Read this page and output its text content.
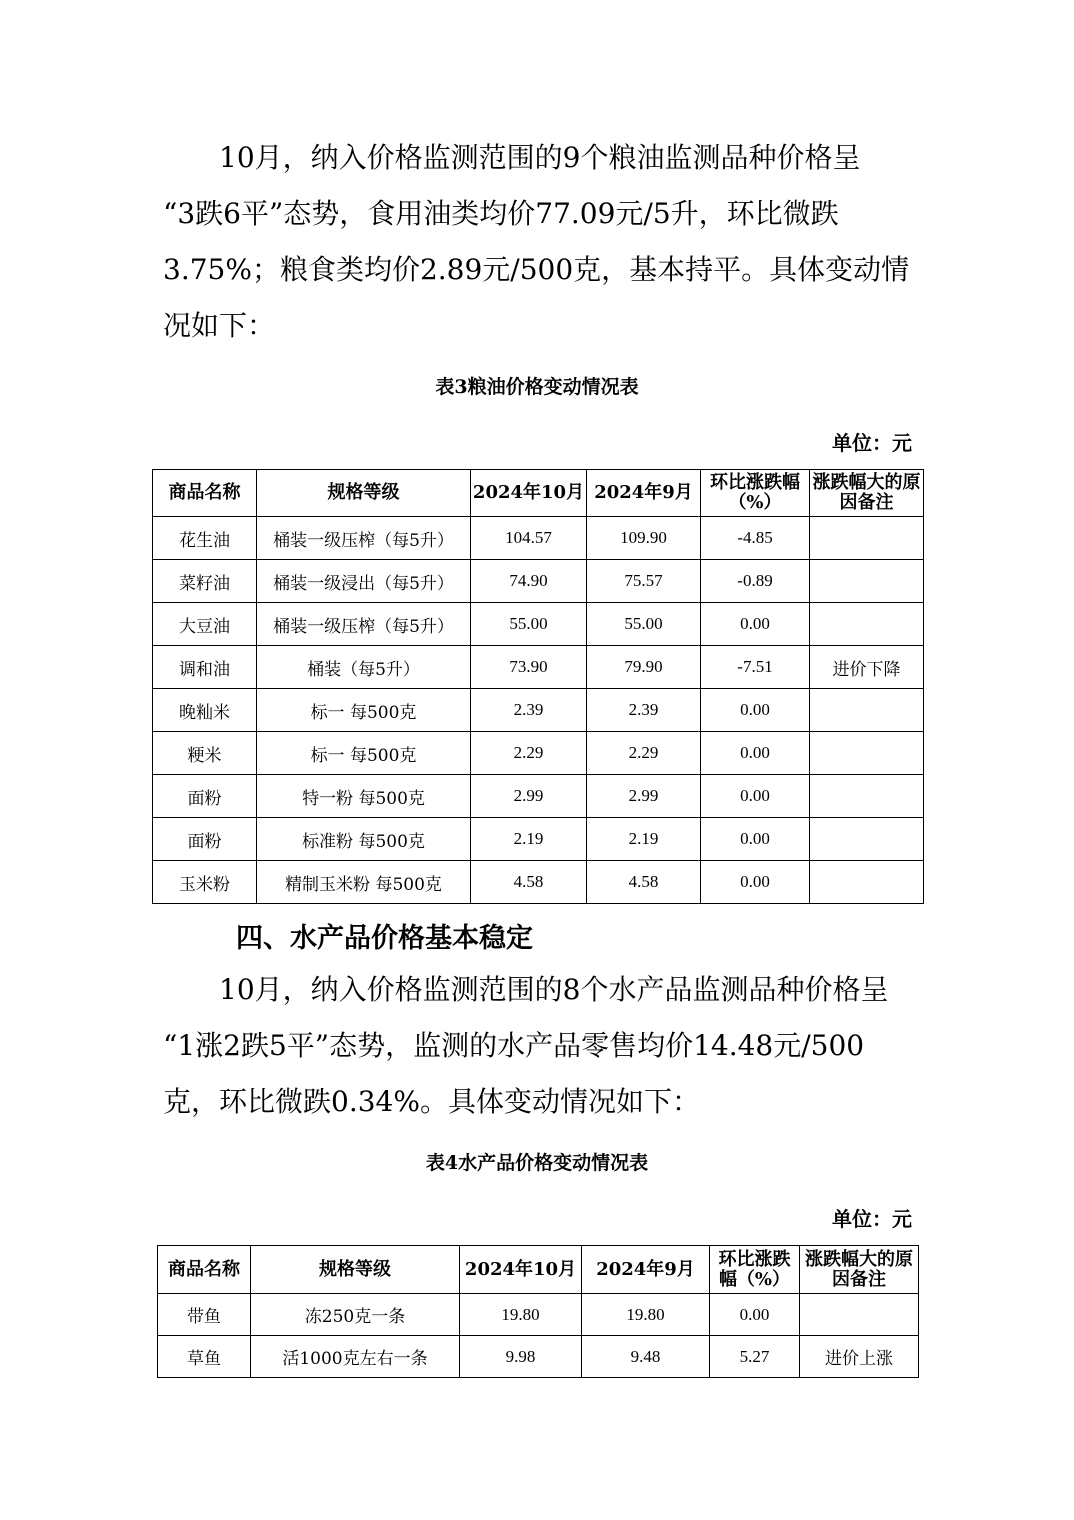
10月，纳入价格监测范围的9个粮油监测品种价格呈
“3跌6平”态势，食用油类均价77.09元/5升，环比微跌
3.75%；粮食类均价2.89元/500克，基本持平。具体变动情
况如下：

表3粮油价格变动情况表

单位：元

商品名称	规格等级	2024年10月	2024年9月	环比涨跌幅（%）	涨跌幅大的原因备注
花生油	桶装一级压榨（每5升）	104.57	109.90	-4.85	
菜籽油	桶装一级浸出（每5升）	74.90	75.57	-0.89	
大豆油	桶装一级压榨（每5升）	55.00	55.00	0.00	
调和油	桶装（每5升）	73.90	79.90	-7.51	进价下降
晚籼米	标一 每500克	2.39	2.39	0.00	
粳米	标一 每500克	2.29	2.29	0.00	
面粉	特一粉 每500克	2.99	2.99	0.00	
面粉	标准粉 每500克	2.19	2.19	0.00	
玉米粉	精制玉米粉 每500克	4.58	4.58	0.00	

四、水产品价格基本稳定

10月，纳入价格监测范围的8个水产品监测品种价格呈
“1涨2跌5平”态势，监测的水产品零售均价14.48元/500
克，环比微跌0.34%。具体变动情况如下：

表4水产品价格变动情况表

单位：元

商品名称	规格等级	2024年10月	2024年9月	环比涨跌幅（%）	涨跌幅大的原因备注
带鱼	冻250克一条	19.80	19.80	0.00	
草鱼	活1000克左右一条	9.98	9.48	5.27	进价上涨
